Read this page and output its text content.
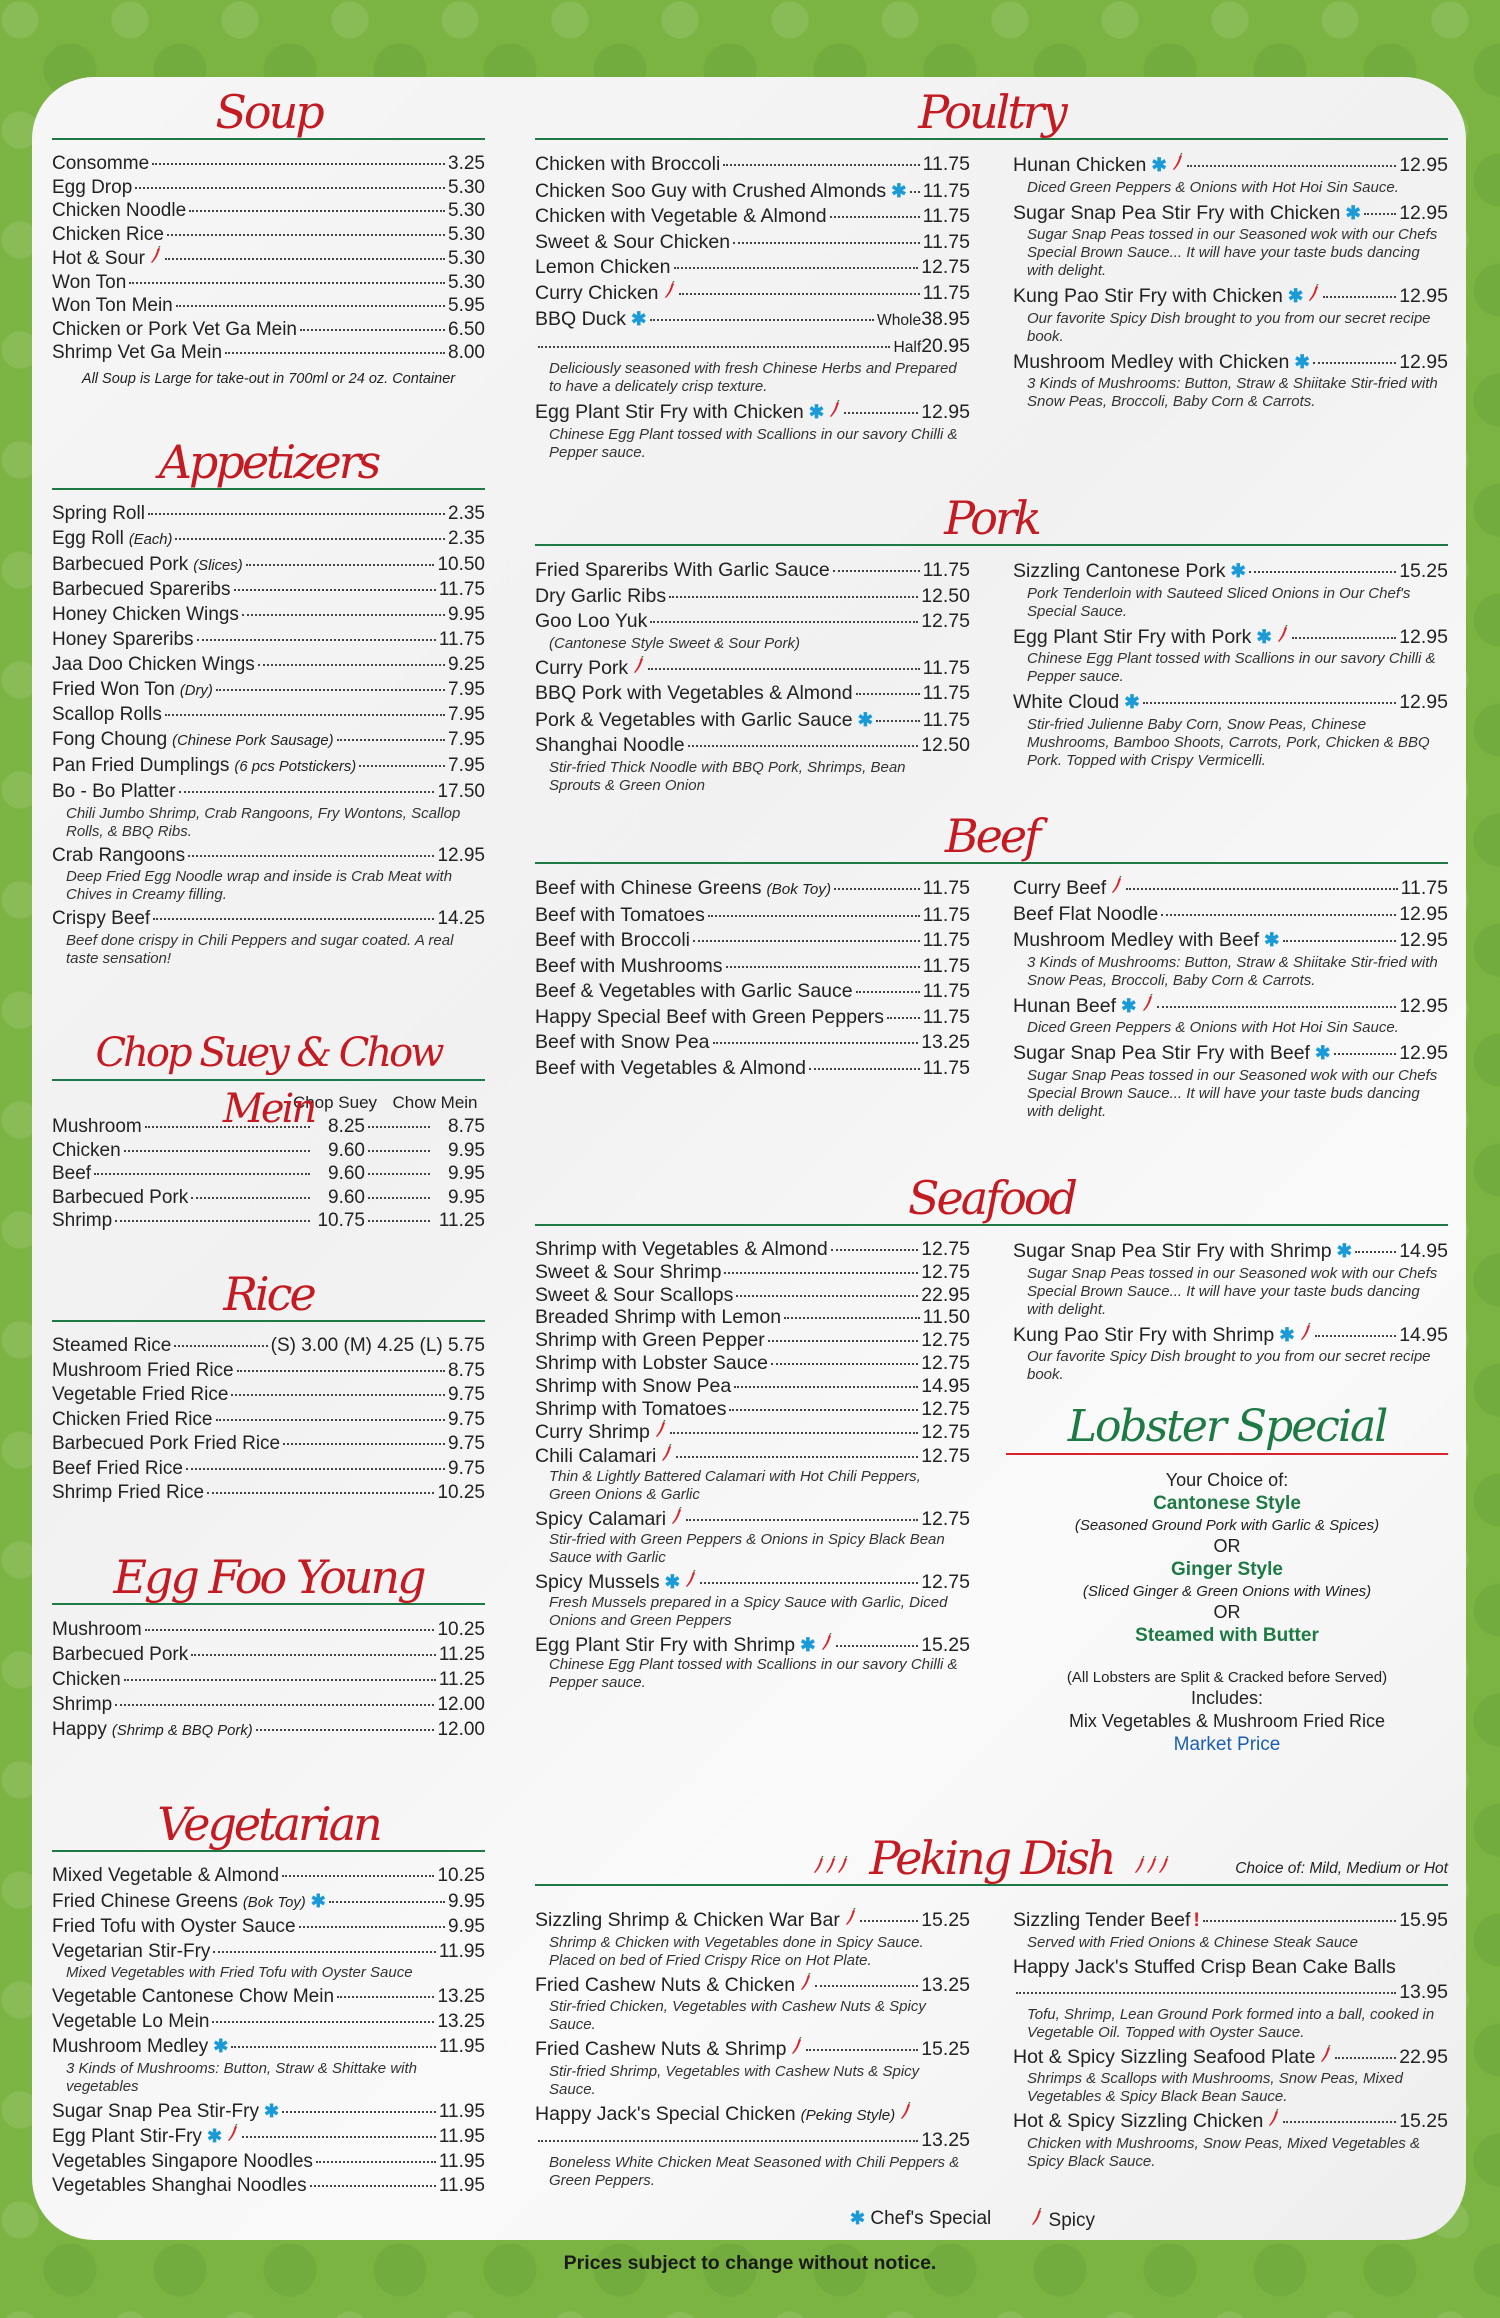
Soup
Consomme	3.25
Egg Drop	5.30
Chicken Noodle	5.30
Chicken Rice	5.30
Hot & Sour	5.30
Won Ton	5.30
Won Ton Mein	5.95
Chicken or Pork Vet Ga Mein	6.50
Shrimp Vet Ga Mein	8.00
All Soup is Large for take-out in 700ml or 24 oz. Container
Appetizers
Spring Roll	2.35
Egg Roll (Each)	2.35
Barbecued Pork (Slices)	10.50
Barbecued Spareribs	11.75
Honey Chicken Wings	9.95
Honey Spareribs	11.75
Jaa Doo Chicken Wings	9.25
Fried Won Ton (Dry)	7.95
Scallop Rolls	7.95
Fong Choung (Chinese Pork Sausage)	7.95
Pan Fried Dumplings (6 pcs Potstickers)	7.95
Bo - Bo Platter	17.50
Chili Jumbo Shrimp, Crab Rangoons, Fry Wontons, Scallop Rolls, & BBQ Ribs.
Crab Rangoons	12.95
Deep Fried Egg Noodle wrap and inside is Crab Meat with Chives in Creamy filling.
Crispy Beef	14.25
Beef done crispy in Chili Peppers and sugar coated. A real taste sensation!
Chop Suey & Chow Mein
Chop Suey Chow Mein
Mushroom	8.25	8.75
Chicken	9.60	9.95
Beef	9.60	9.95
Barbecued Pork	9.60	9.95
Shrimp	10.75	11.25
Rice
Steamed Rice	(S) 3.00 (M) 4.25 (L) 5.75
Mushroom Fried Rice	8.75
Vegetable Fried Rice	9.75
Chicken Fried Rice	9.75
Barbecued Pork Fried Rice	9.75
Beef Fried Rice	9.75
Shrimp Fried Rice	10.25
Egg Foo Young
Mushroom	10.25
Barbecued Pork	11.25
Chicken	11.25
Shrimp	12.00
Happy (Shrimp & BBQ Pork)	12.00
Vegetarian
Mixed Vegetable & Almond	10.25
Fried Chinese Greens (Bok Toy) ✱	9.95
Fried Tofu with Oyster Sauce	9.95
Vegetarian Stir-Fry	11.95
Mixed Vegetables with Fried Tofu with Oyster Sauce
Vegetable Cantonese Chow Mein	13.25
Vegetable Lo Mein	13.25
Mushroom Medley ✱	11.95
3 Kinds of Mushrooms: Button, Straw & Shittake with vegetables
Sugar Snap Pea Stir-Fry ✱	11.95
Egg Plant Stir-Fry ✱	11.95
Vegetables Singapore Noodles	11.95
Vegetables Shanghai Noodles	11.95
Poultry
Chicken with Broccoli	11.75
Chicken Soo Guy with Crushed Almonds ✱ 11.75
Chicken with Vegetable & Almond	11.75
Sweet & Sour Chicken	11.75
Lemon Chicken	12.75
Curry Chicken	11.75
BBQ Duck ✱	Whole 38.95
Half 20.95
Deliciously seasoned with fresh Chinese Herbs and Prepared to have a delicately crisp texture.
Egg Plant Stir Fry with Chicken ✱	12.95
Chinese Egg Plant tossed with Scallions in our savory Chilli & Pepper sauce.
Hunan Chicken ✱	12.95
Diced Green Peppers & Onions with Hot Hoi Sin Sauce.
Sugar Snap Pea Stir Fry with Chicken ✱ 12.95
Sugar Snap Peas tossed in our Seasoned wok with our Chefs Special Brown Sauce... It will have your taste buds dancing with delight.
Kung Pao Stir Fry with Chicken ✱	12.95
Our favorite Spicy Dish brought to you from our secret recipe book.
Mushroom Medley with Chicken ✱	12.95
3 Kinds of Mushrooms: Button, Straw & Shiitake Stir-fried with Snow Peas, Broccoli, Baby Corn & Carrots.
Pork
Fried Spareribs With Garlic Sauce	11.75
Dry Garlic Ribs	12.50
Goo Loo Yuk	12.75
(Cantonese Style Sweet & Sour Pork)
Curry Pork	11.75
BBQ Pork with Vegetables & Almond	11.75
Pork & Vegetables with Garlic Sauce ✱	11.75
Shanghai Noodle	12.50
Stir-fried Thick Noodle with BBQ Pork, Shrimps, Bean Sprouts & Green Onion
Sizzling Cantonese Pork ✱	15.25
Pork Tenderloin with Sauteed Sliced Onions in Our Chef's Special Sauce.
Egg Plant Stir Fry with Pork ✱	12.95
Chinese Egg Plant tossed with Scallions in our savory Chilli & Pepper sauce.
White Cloud ✱	12.95
Stir-fried Julienne Baby Corn, Snow Peas, Chinese Mushrooms, Bamboo Shoots, Carrots, Pork, Chicken & BBQ Pork. Topped with Crispy Vermicelli.
Beef
Beef with Chinese Greens (Bok Toy)	11.75
Beef with Tomatoes	11.75
Beef with Broccoli	11.75
Beef with Mushrooms	11.75
Beef & Vegetables with Garlic Sauce	11.75
Happy Special Beef with Green Peppers 11.75
Beef with Snow Pea	13.25
Beef with Vegetables & Almond	11.75
Curry Beef	11.75
Beef Flat Noodle	12.95
Mushroom Medley with Beef ✱	12.95
3 Kinds of Mushrooms: Button, Straw & Shiitake Stir-fried with Snow Peas, Broccoli, Baby Corn & Carrots.
Hunan Beef ✱	12.95
Diced Green Peppers & Onions with Hot Hoi Sin Sauce.
Sugar Snap Pea Stir Fry with Beef ✱	12.95
Sugar Snap Peas tossed in our Seasoned wok with our Chefs Special Brown Sauce... It will have your taste buds dancing with delight.
Seafood
Shrimp with Vegetables & Almond	12.75
Sweet & Sour Shrimp	12.75
Sweet & Sour Scallops	22.95
Breaded Shrimp with Lemon	11.50
Shrimp with Green Pepper	12.75
Shrimp with Lobster Sauce	12.75
Shrimp with Snow Pea	14.95
Shrimp with Tomatoes	12.75
Curry Shrimp	12.75
Chili Calamari	12.75
Thin & Lightly Battered Calamari with Hot Chili Peppers, Green Onions & Garlic
Spicy Calamari	12.75
Stir-fried with Green Peppers & Onions in Spicy Black Bean Sauce with Garlic
Spicy Mussels ✱	12.75
Fresh Mussels prepared in a Spicy Sauce with Garlic, Diced Onions and Green Peppers
Egg Plant Stir Fry with Shrimp ✱	15.25
Chinese Egg Plant tossed with Scallions in our savory Chilli & Pepper sauce.
Sugar Snap Pea Stir Fry with Shrimp ✱ 14.95
Sugar Snap Peas tossed in our Seasoned wok with our Chefs Special Brown Sauce... It will have your taste buds dancing with delight.
Kung Pao Stir Fry with Shrimp ✱	14.95
Our favorite Spicy Dish brought to you from our secret recipe book.
Peking Dish	Choice of: Mild, Medium or Hot
Sizzling Shrimp & Chicken War Bar	15.25
Shrimp & Chicken with Vegetables done in Spicy Sauce. Placed on bed of Fried Crispy Rice on Hot Plate.
Fried Cashew Nuts & Chicken	13.25
Stir-fried Chicken, Vegetables with Cashew Nuts & Spicy Sauce.
Fried Cashew Nuts & Shrimp	15.25
Stir-fried Shrimp, Vegetables with Cashew Nuts & Spicy Sauce.
Happy Jack's Special Chicken (Peking Style)
13.25
Boneless White Chicken Meat Seasoned with Chili Peppers & Green Peppers.
Sizzling Tender Beef !	15.95
Served with Fried Onions & Chinese Steak Sauce
Happy Jack's Stuffed Crisp Bean Cake Balls
13.95
Tofu, Shrimp, Lean Ground Pork formed into a ball, cooked in Vegetable Oil. Topped with Oyster Sauce.
Hot & Spicy Sizzling Seafood Plate	22.95
Shrimps & Scallops with Mushrooms, Snow Peas, Mixed Vegetables & Spicy Black Bean Sauce.
Hot & Spicy Sizzling Chicken	15.25
Chicken with Mushrooms, Snow Peas, Mixed Vegetables & Spicy Black Sauce.
Lobster Special
Your Choice of:
Cantonese Style
(Seasoned Ground Pork with Garlic & Spices)
OR
Ginger Style
(Sliced Ginger & Green Onions with Wines)
OR
Steamed with Butter
(All Lobsters are Split & Cracked before Served)
Includes:
Mix Vegetables & Mushroom Fried Rice
Market Price
✱ Chef's Special	Spicy
Prices subject to change without notice.
